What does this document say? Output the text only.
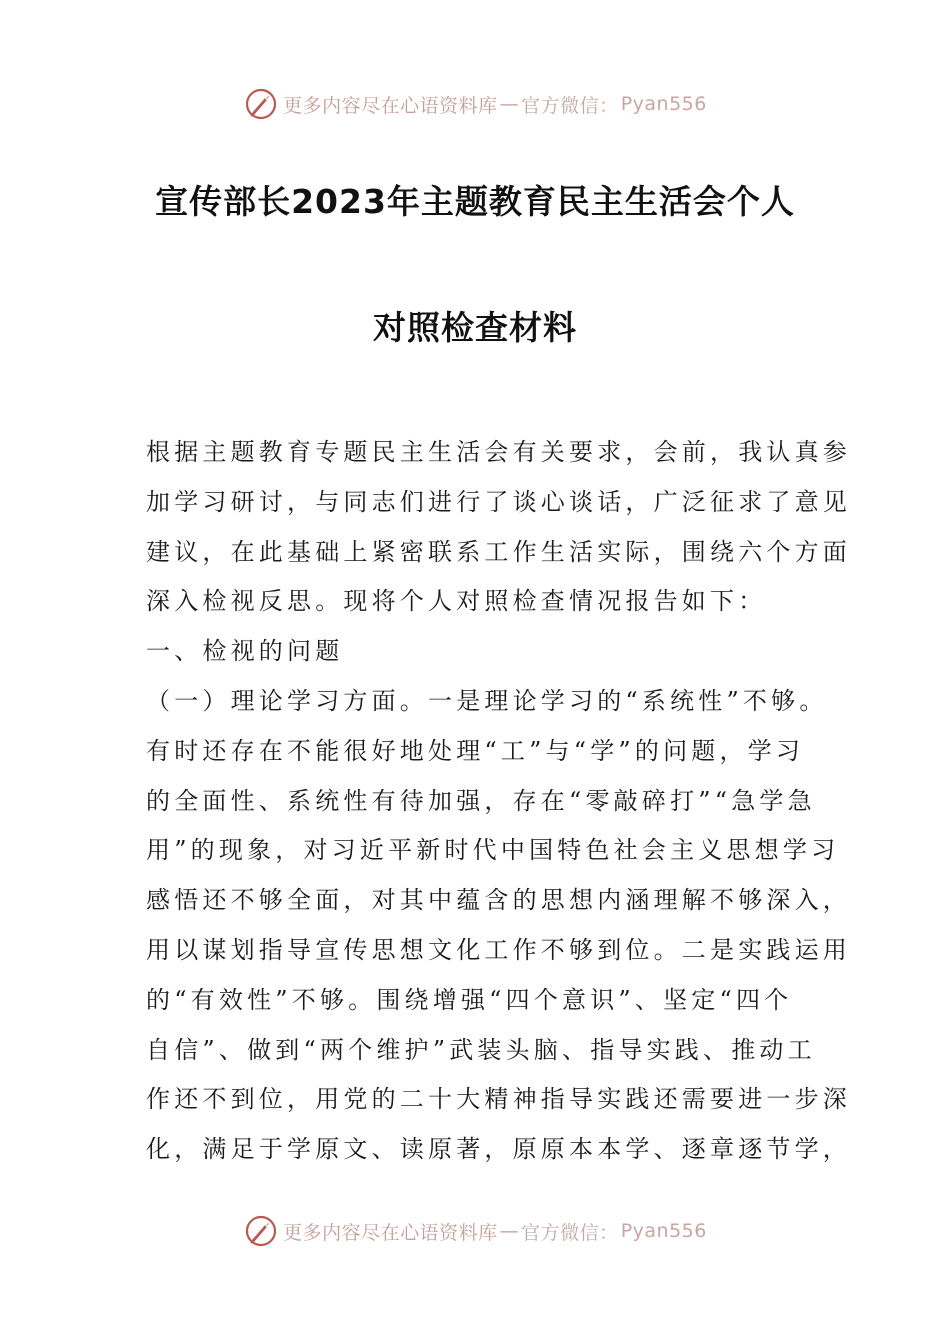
更多内容尽在心语资料库 — 官方微信： Pyan556
宣传部长2023年主题教育民主生活会个人
对照检查材料

根据主题教育专题民主生活会有关要求，会前，我认真参

加学习研讨，与同志们进行了谈心谈话，广泛征求了意见

建议，在此基础上紧密联系工作生活实际，围绕六个方面

深入检视反思。现将个人对照检查情况报告如下：

一、检视的问题

（一）理论学习方面。一是理论学习的“系统性”不够。

有时还存在不能很好地处理“工”与“学”的问题，学习

的全面性、系统性有待加强，存在“零敲碎打”“急学急

用”的现象，对习近平新时代中国特色社会主义思想学习

感悟还不够全面，对其中蕴含的思想内涵理解不够深入，

用以谋划指导宣传思想文化工作不够到位。二是实践运用

的“有效性”不够。围绕增强“四个意识”、坚定“四个

自信”、做到“两个维护”武装头脑、指导实践、推动工

作还不到位，用党的二十大精神指导实践还需要进一步深

化，满足于学原文、读原著，原原本本学、逐章逐节学，

更多内容尽在心语资料库 — 官方微信： Pyan556
